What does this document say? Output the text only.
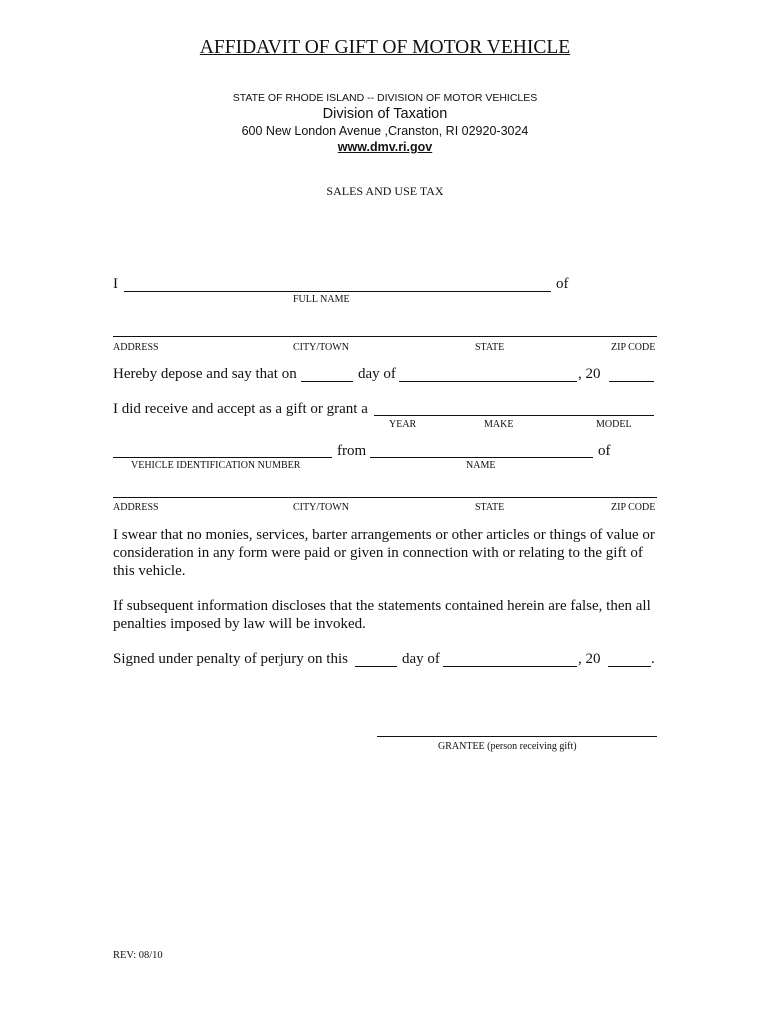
AFFIDAVIT OF GIFT OF MOTOR VEHICLE
STATE OF RHODE ISLAND -- DIVISION OF MOTOR VEHICLES
Division of Taxation
600 New London Avenue ,Cranston, RI 02920-3024
www.dmv.ri.gov
SALES AND USE TAX
I	of
FULL NAME
ADDRESS	CITY/TOWN	STATE	ZIP CODE
Hereby depose and say that on	day of	, 20
I did receive and accept as a gift or grant a
YEAR	MAKE	MODEL
from	of
VEHICLE IDENTIFICATION NUMBER	NAME
ADDRESS	CITY/TOWN	STATE	ZIP CODE
I swear that no monies, services, barter arrangements or other articles or things of value or consideration in any form were paid or given in connection with or relating to the gift of this vehicle.
If subsequent information discloses that the statements contained herein are false, then all penalties imposed by law will be invoked.
Signed under penalty of perjury on this	day of	, 20	.
GRANTEE (person receiving gift)
REV: 08/10
